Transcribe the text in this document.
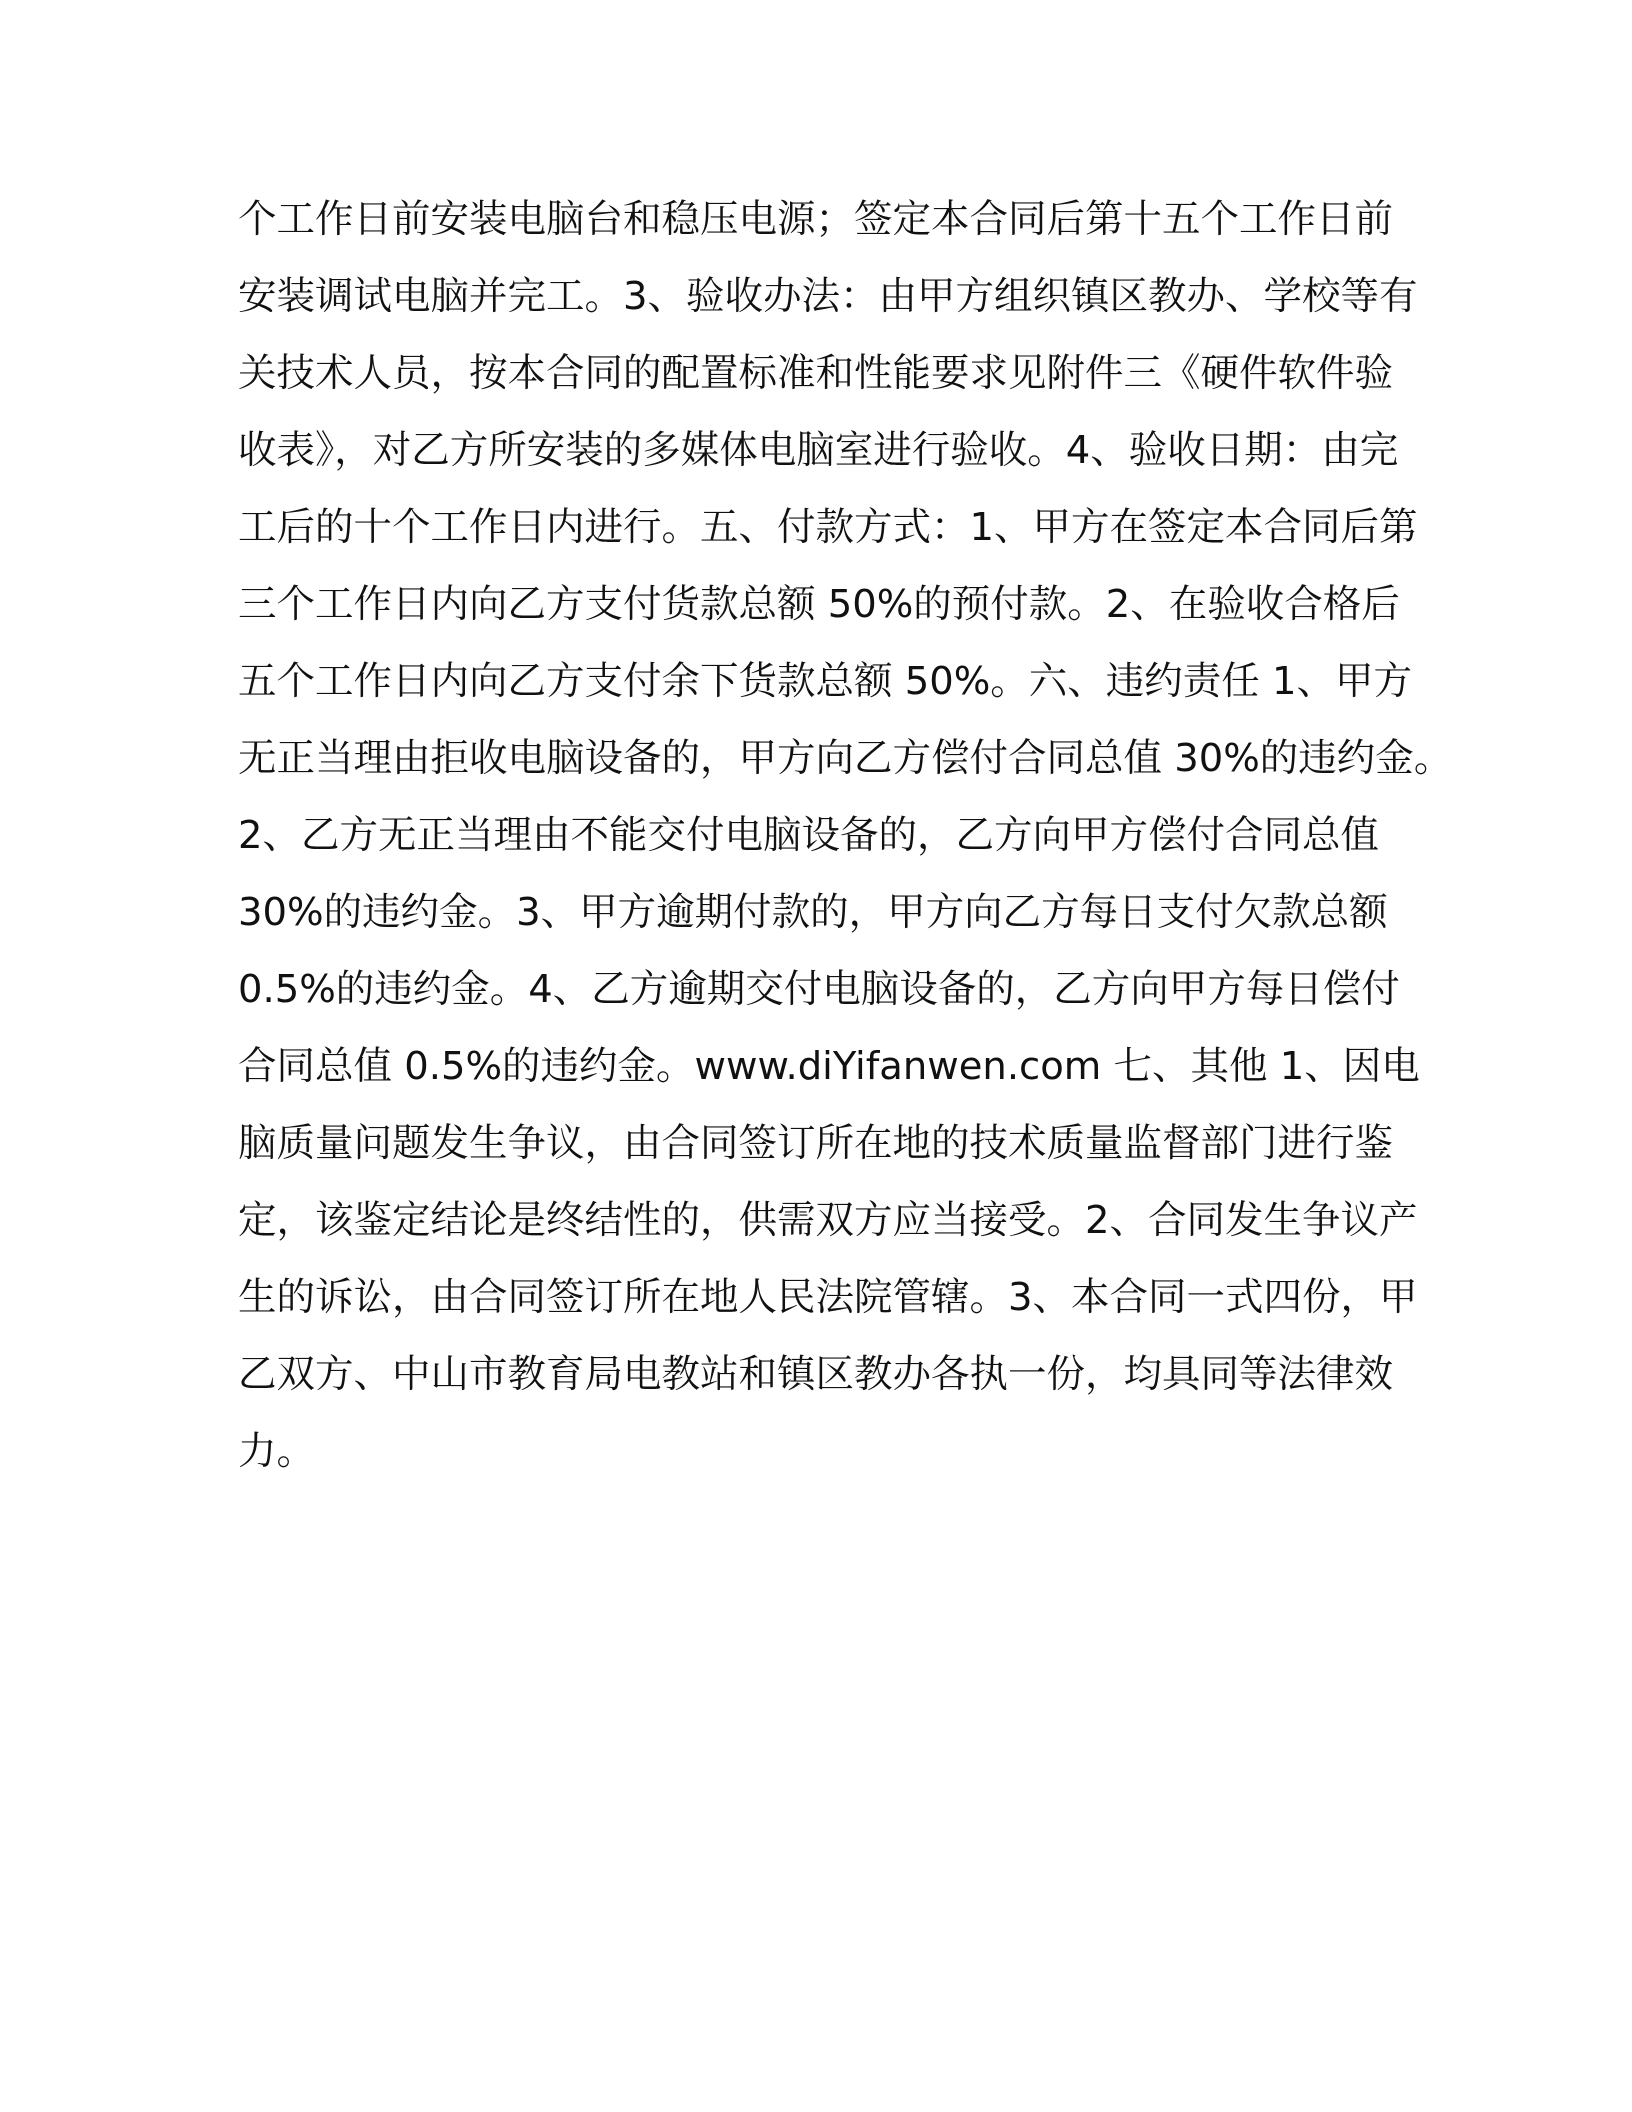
个工作日前安装电脑台和稳压电源；签定本合同后第十五个工作日前
安装调试电脑并完工。3、验收办法：由甲方组织镇区教办、学校等有
关技术人员，按本合同的配置标准和性能要求见附件三《硬件软件验
收表》，对乙方所安装的多媒体电脑室进行验收。4、验收日期：由完
工后的十个工作日内进行。五、付款方式：1、甲方在签定本合同后第
三个工作日内向乙方支付货款总额 50%的预付款。2、在验收合格后
五个工作日内向乙方支付余下货款总额 50%。六、违约责任 1、甲方
无正当理由拒收电脑设备的，甲方向乙方偿付合同总值 30%的违约金。
2、乙方无正当理由不能交付电脑设备的，乙方向甲方偿付合同总值
30%的违约金。3、甲方逾期付款的，甲方向乙方每日支付欠款总额
0.5%的违约金。4、乙方逾期交付电脑设备的，乙方向甲方每日偿付
合同总值 0.5%的违约金。www.diYifanwen.com 七、其他 1、因电
脑质量问题发生争议，由合同签订所在地的技术质量监督部门进行鉴
定，该鉴定结论是终结性的，供需双方应当接受。2、合同发生争议产
生的诉讼，由合同签订所在地人民法院管辖。3、本合同一式四份，甲
乙双方、中山市教育局电教站和镇区教办各执一份，均具同等法律效
力。
